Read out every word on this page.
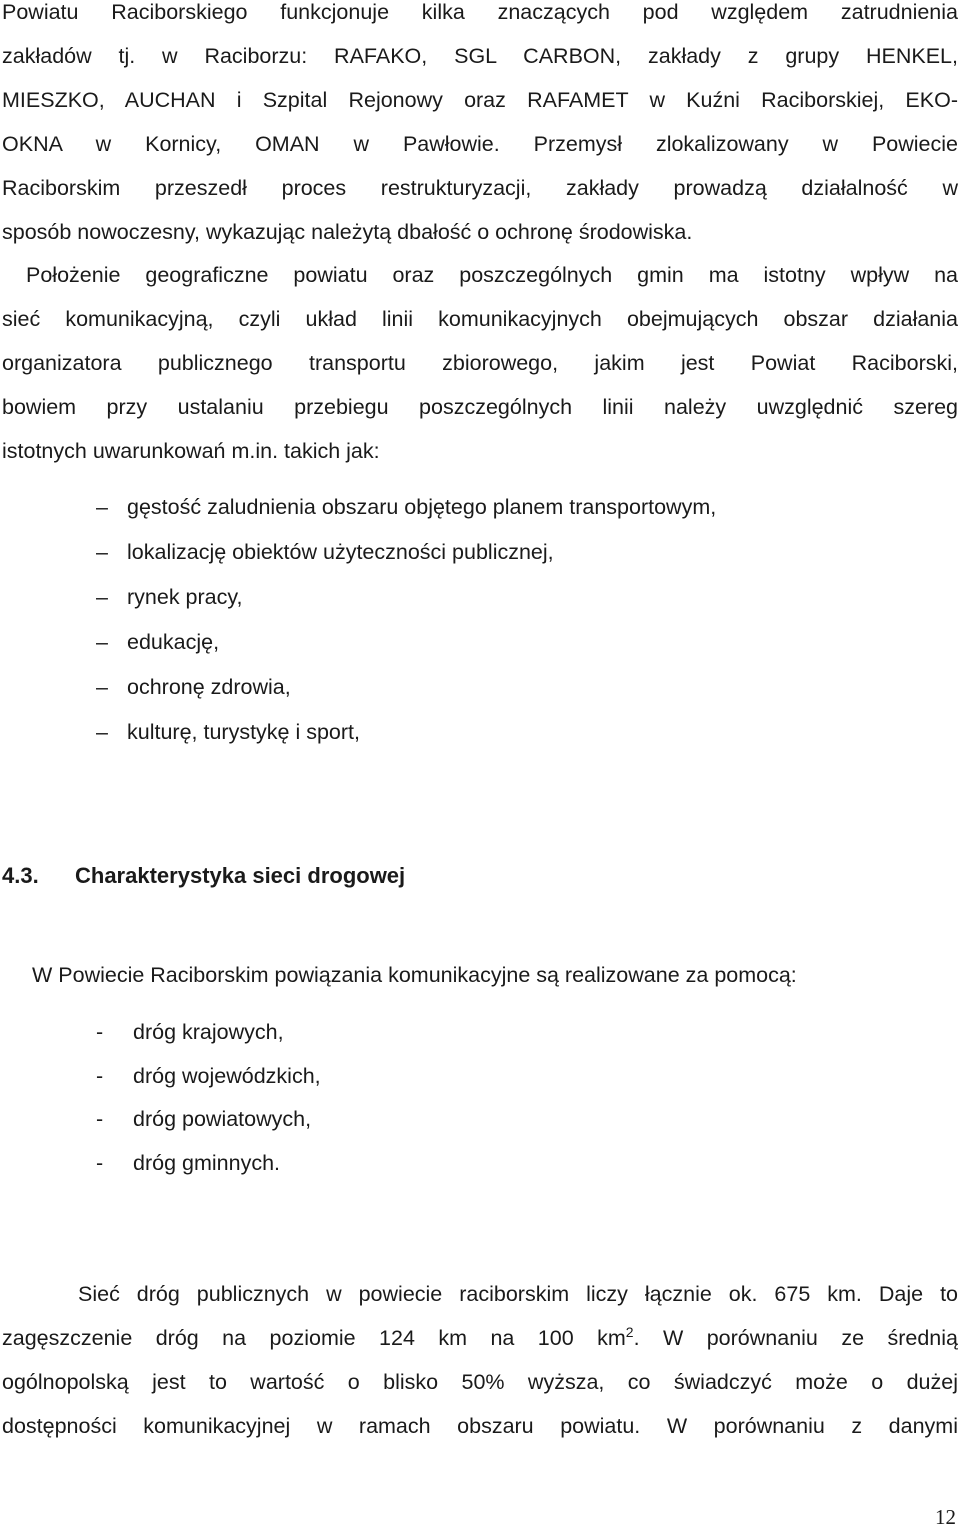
Powiatu Raciborskiego funkcjonuje kilka znaczących pod względem zatrudnienia
zakładów tj. w Raciborzu: RAFAKO, SGL CARBON, zakłady z grupy HENKEL,
MIESZKO, AUCHAN i Szpital Rejonowy oraz RAFAMET w Kuźni Raciborskiej, EKO-
OKNA w Kornicy, OMAN w Pawłowie. Przemysł zlokalizowany w Powiecie
Raciborskim przeszedł proces restrukturyzacji, zakłady prowadzą działalność w
sposób nowoczesny, wykazując należytą dbałość o ochronę środowiska.
Położenie geograficzne powiatu oraz poszczególnych gmin ma istotny wpływ na
sieć komunikacyjną, czyli układ linii komunikacyjnych obejmujących obszar działania
organizatora publicznego transportu zbiorowego, jakim jest Powiat Raciborski,
bowiem przy ustalaniu przebiegu poszczególnych linii należy uwzględnić szereg
istotnych uwarunkowań m.in. takich jak:
– gęstość zaludnienia obszaru objętego planem transportowym,
– lokalizację obiektów użyteczności publicznej,
– rynek pracy,
– edukację,
– ochronę zdrowia,
– kulturę, turystykę i sport,
4.3. Charakterystyka sieci drogowej
W Powiecie Raciborskim powiązania komunikacyjne są realizowane za pomocą:
- dróg krajowych,
- dróg wojewódzkich,
- dróg powiatowych,
- dróg gminnych.
Sieć dróg publicznych w powiecie raciborskim liczy łącznie ok. 675 km. Daje to
zagęszczenie dróg na poziomie 124 km na 100 $km^2$. W porównaniu ze średnią
ogólnopolską jest to wartość o blisko 50% wyższa, co świadczyć może o dużej
dostępności komunikacyjnej w ramach obszaru powiatu. W porównaniu z danymi
12
